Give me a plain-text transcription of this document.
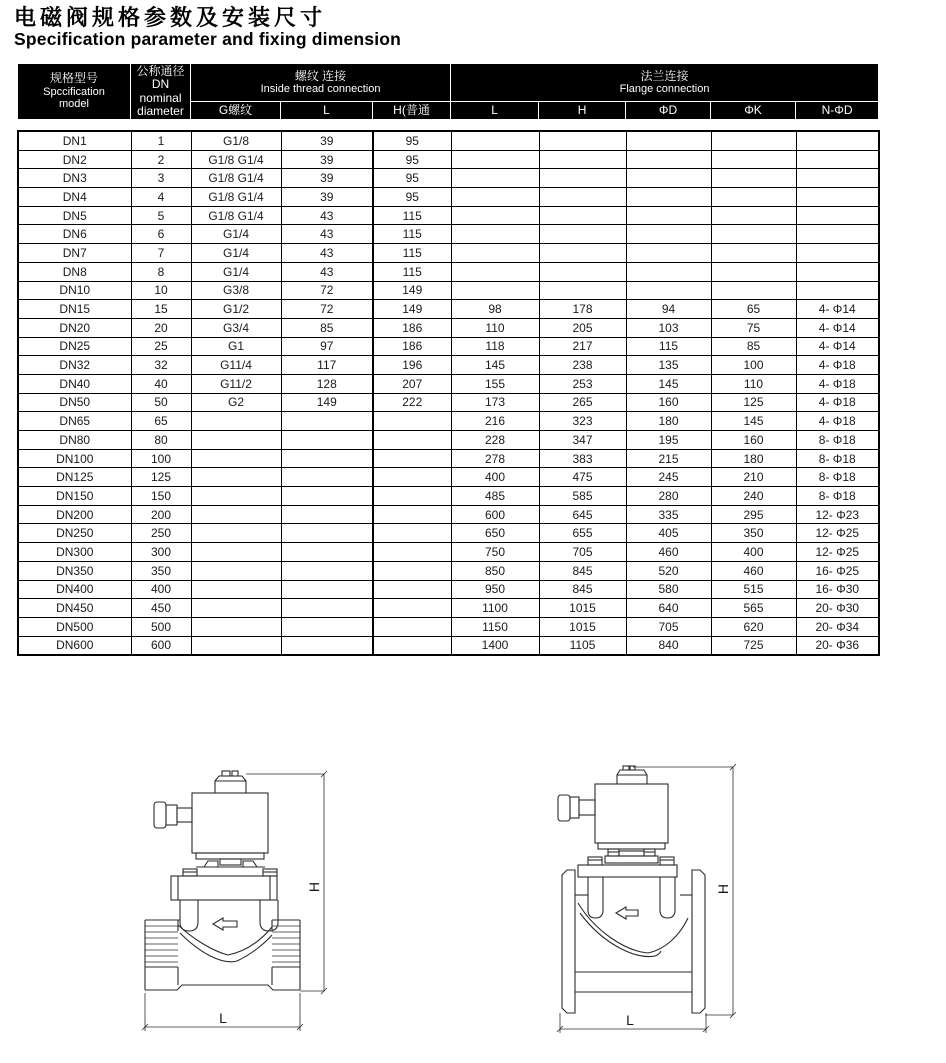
电磁阀规格参数及安装尺寸
Specification parameter and fixing dimension
规格型号

Spccification
model	公称通径
DN
nominal
diameter	螺纹 连接

Inside thread connection			法兰连接

Flange connection				

		G螺纹	L	H(普通	L	H	ΦD	ΦK	N-ΦD
DN1	1	G1/8	39	95					
DN2	2	G1/8 G1/4	39	95					
DN3	3	G1/8 G1/4	39	95					
DN4	4	G1/8 G1/4	39	95					
DN5	5	G1/8 G1/4	43	115					
DN6	6	G1/4	43	115					
DN7	7	G1/4	43	115					
DN8	8	G1/4	43	115					
DN10	10	G3/8	72	149					
DN15	15	G1/2	72	149	98	178	94	65	4- Φ14
DN20	20	G3/4	85	186	110	205	103	75	4- Φ14
DN25	25	G1	97	186	118	217	115	85	4- Φ14
DN32	32	G11/4	117	196	145	238	135	100	4- Φ18
DN40	40	G11/2	128	207	155	253	145	110	4- Φ18
DN50	50	G2	149	222	173	265	160	125	4- Φ18
DN65	65				216	323	180	145	4- Φ18
DN80	80				228	347	195	160	8- Φ18
DN100	100				278	383	215	180	8- Φ18
DN125	125				400	475	245	210	8- Φ18
DN150	150				485	585	280	240	8- Φ18
DN200	200				600	645	335	295	12- Φ23
DN250	250				650	655	405	350	12- Φ25
DN300	300				750	705	460	400	12- Φ25
DN350	350				850	845	520	460	16- Φ25
DN400	400				950	845	580	515	16- Φ30
DN450	450				1100	1015	640	565	20- Φ30
DN500	500				1150	1015	705	620	20- Φ34
DN600	600				1400	1105	840	725	20- Φ36
H
L
H
L
